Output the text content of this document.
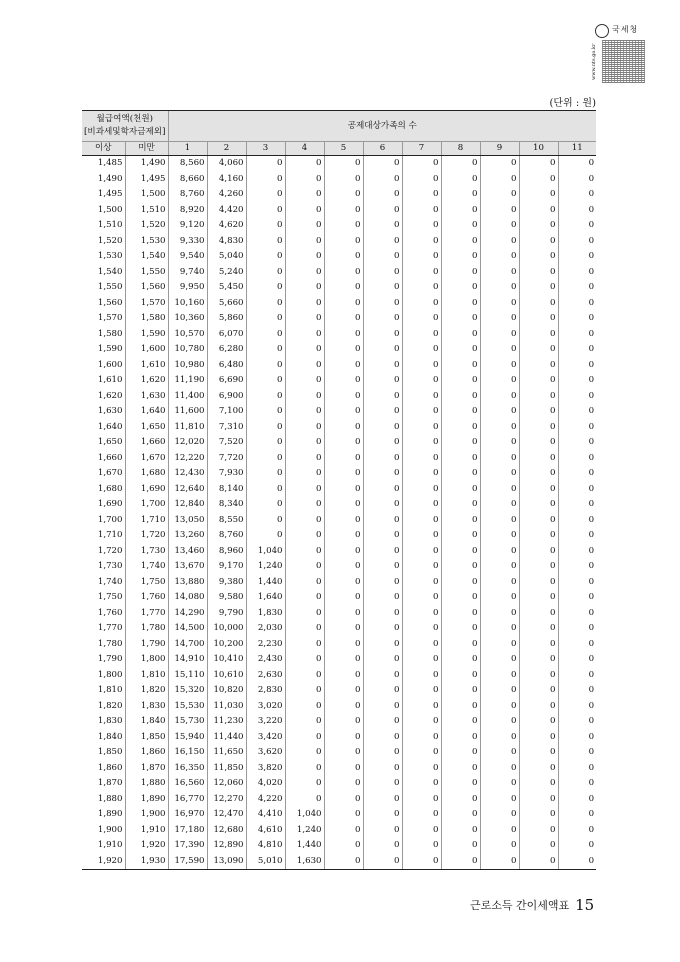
국세청
www.nts.go.kr
(단위 : 원)
월급여액(천원)
[비과세및학자금제외]		공제대상가족의 수										
이상	미만	1	2	3	4	5	6	7	8	9	10	11
1,485	1,490	8,560	4,060	0	0	0	0	0	0	0	0	0
1,490	1,495	8,660	4,160	0	0	0	0	0	0	0	0	0
1,495	1,500	8,760	4,260	0	0	0	0	0	0	0	0	0
1,500	1,510	8,920	4,420	0	0	0	0	0	0	0	0	0
1,510	1,520	9,120	4,620	0	0	0	0	0	0	0	0	0
1,520	1,530	9,330	4,830	0	0	0	0	0	0	0	0	0
1,530	1,540	9,540	5,040	0	0	0	0	0	0	0	0	0
1,540	1,550	9,740	5,240	0	0	0	0	0	0	0	0	0
1,550	1,560	9,950	5,450	0	0	0	0	0	0	0	0	0
1,560	1,570	10,160	5,660	0	0	0	0	0	0	0	0	0
1,570	1,580	10,360	5,860	0	0	0	0	0	0	0	0	0
1,580	1,590	10,570	6,070	0	0	0	0	0	0	0	0	0
1,590	1,600	10,780	6,280	0	0	0	0	0	0	0	0	0
1,600	1,610	10,980	6,480	0	0	0	0	0	0	0	0	0
1,610	1,620	11,190	6,690	0	0	0	0	0	0	0	0	0
1,620	1,630	11,400	6,900	0	0	0	0	0	0	0	0	0
1,630	1,640	11,600	7,100	0	0	0	0	0	0	0	0	0
1,640	1,650	11,810	7,310	0	0	0	0	0	0	0	0	0
1,650	1,660	12,020	7,520	0	0	0	0	0	0	0	0	0
1,660	1,670	12,220	7,720	0	0	0	0	0	0	0	0	0
1,670	1,680	12,430	7,930	0	0	0	0	0	0	0	0	0
1,680	1,690	12,640	8,140	0	0	0	0	0	0	0	0	0
1,690	1,700	12,840	8,340	0	0	0	0	0	0	0	0	0
1,700	1,710	13,050	8,550	0	0	0	0	0	0	0	0	0
1,710	1,720	13,260	8,760	0	0	0	0	0	0	0	0	0
1,720	1,730	13,460	8,960	1,040	0	0	0	0	0	0	0	0
1,730	1,740	13,670	9,170	1,240	0	0	0	0	0	0	0	0
1,740	1,750	13,880	9,380	1,440	0	0	0	0	0	0	0	0
1,750	1,760	14,080	9,580	1,640	0	0	0	0	0	0	0	0
1,760	1,770	14,290	9,790	1,830	0	0	0	0	0	0	0	0
1,770	1,780	14,500	10,000	2,030	0	0	0	0	0	0	0	0
1,780	1,790	14,700	10,200	2,230	0	0	0	0	0	0	0	0
1,790	1,800	14,910	10,410	2,430	0	0	0	0	0	0	0	0
1,800	1,810	15,110	10,610	2,630	0	0	0	0	0	0	0	0
1,810	1,820	15,320	10,820	2,830	0	0	0	0	0	0	0	0
1,820	1,830	15,530	11,030	3,020	0	0	0	0	0	0	0	0
1,830	1,840	15,730	11,230	3,220	0	0	0	0	0	0	0	0
1,840	1,850	15,940	11,440	3,420	0	0	0	0	0	0	0	0
1,850	1,860	16,150	11,650	3,620	0	0	0	0	0	0	0	0
1,860	1,870	16,350	11,850	3,820	0	0	0	0	0	0	0	0
1,870	1,880	16,560	12,060	4,020	0	0	0	0	0	0	0	0
1,880	1,890	16,770	12,270	4,220	0	0	0	0	0	0	0	0
1,890	1,900	16,970	12,470	4,410	1,040	0	0	0	0	0	0	0
1,900	1,910	17,180	12,680	4,610	1,240	0	0	0	0	0	0	0
1,910	1,920	17,390	12,890	4,810	1,440	0	0	0	0	0	0	0
1,920	1,930	17,590	13,090	5,010	1,630	0	0	0	0	0	0	0
근로소득 간이세액표 15
